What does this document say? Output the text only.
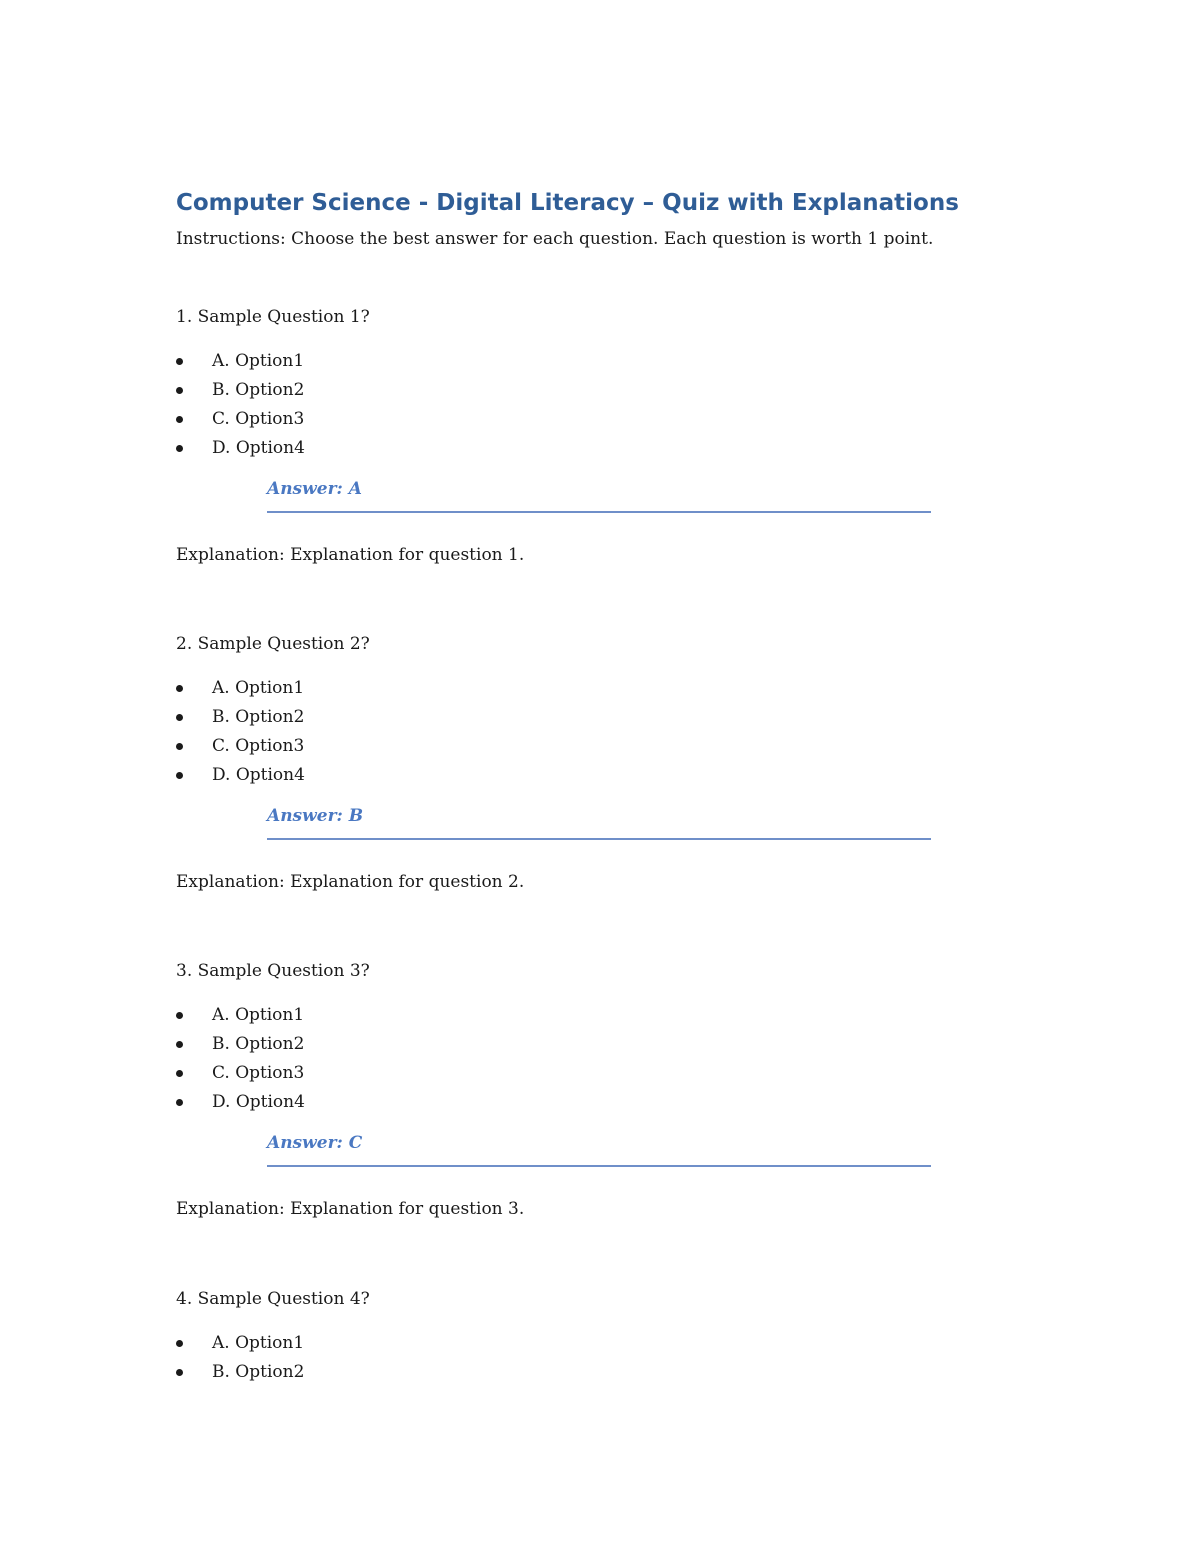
Computer Science - Digital Literacy – Quiz with Explanations

Instructions: Choose the best answer for each question. Each question is worth 1 point.

1. Sample Question 1?

A. Option1
B. Option2
C. Option3
D. Option4
Answer: A

Explanation: Explanation for question 1.

2. Sample Question 2?

A. Option1
B. Option2
C. Option3
D. Option4
Answer: B

Explanation: Explanation for question 2.

3. Sample Question 3?

A. Option1
B. Option2
C. Option3
D. Option4
Answer: C

Explanation: Explanation for question 3.

4. Sample Question 4?

A. Option1
B. Option2
